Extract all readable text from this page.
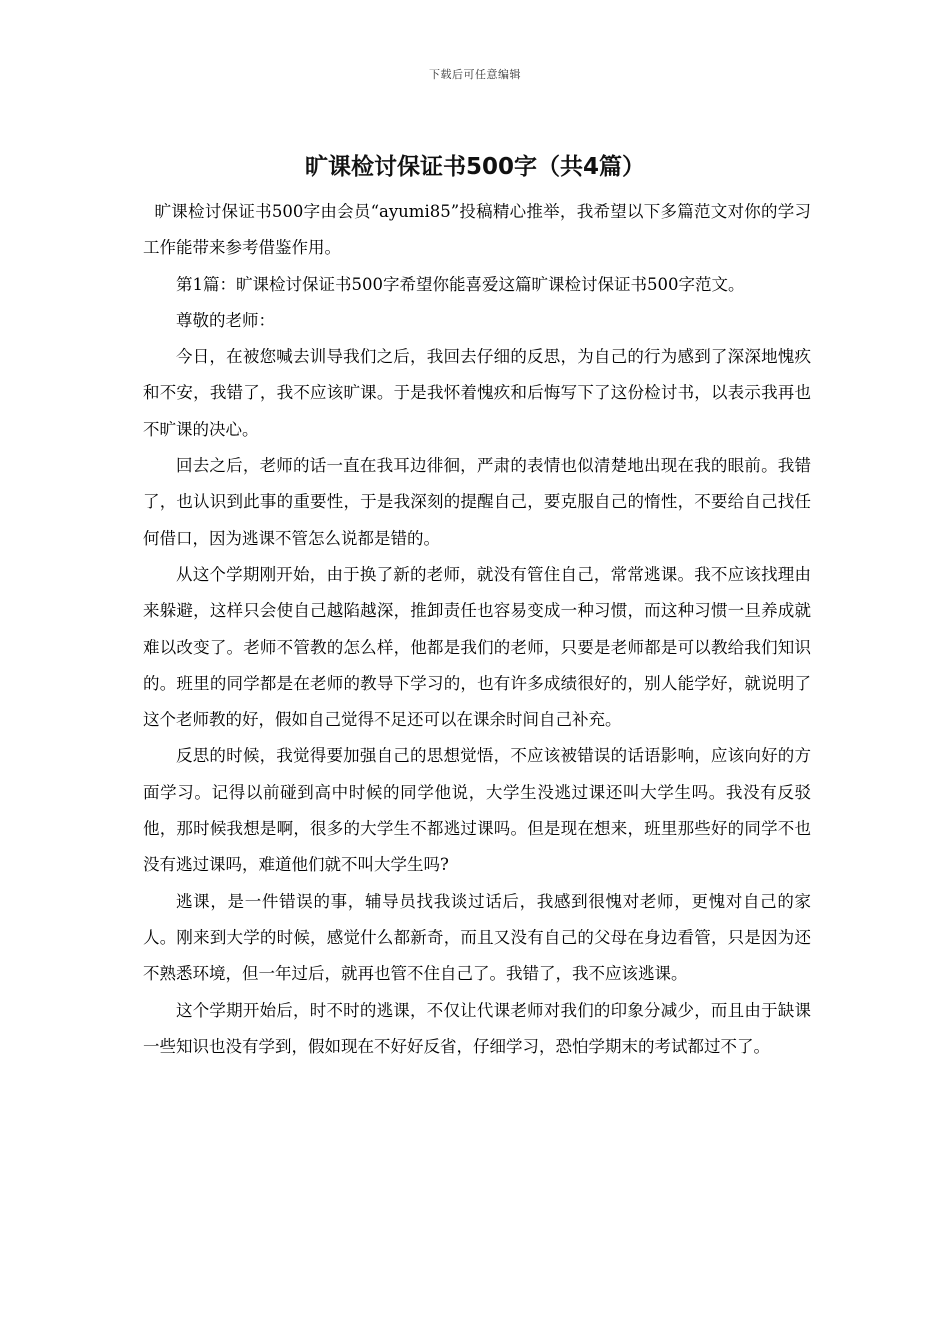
下载后可任意编辑
旷课检讨保证书500字（共4篇）

旷课检讨保证书500字由会员“ayumi85”投稿精心推举，我希望以下多篇范文对你的学习工作能带来参考借鉴作用。

第1篇：旷课检讨保证书500字希望你能喜爱这篇旷课检讨保证书500字范文。

尊敬的老师：

今日，在被您喊去训导我们之后，我回去仔细的反思，为自己的行为感到了深深地愧疚和不安，我错了，我不应该旷课。于是我怀着愧疚和后悔写下了这份检讨书，以表示我再也不旷课的决心。

回去之后，老师的话一直在我耳边徘徊，严肃的表情也似清楚地出现在我的眼前。我错了，也认识到此事的重要性，于是我深刻的提醒自己，要克服自己的惰性，不要给自己找任何借口，因为逃课不管怎么说都是错的。

从这个学期刚开始，由于换了新的老师，就没有管住自己，常常逃课。我不应该找理由来躲避，这样只会使自己越陷越深，推卸责任也容易变成一种习惯，而这种习惯一旦养成就难以改变了。老师不管教的怎么样，他都是我们的老师，只要是老师都是可以教给我们知识的。班里的同学都是在老师的教导下学习的，也有许多成绩很好的，别人能学好，就说明了这个老师教的好，假如自己觉得不足还可以在课余时间自己补充。

反思的时候，我觉得要加强自己的思想觉悟，不应该被错误的话语影响，应该向好的方面学习。记得以前碰到高中时候的同学他说，大学生没逃过课还叫大学生吗。我没有反驳他，那时候我想是啊，很多的大学生不都逃过课吗。但是现在想来，班里那些好的同学不也没有逃过课吗，难道他们就不叫大学生吗?

逃课，是一件错误的事，辅导员找我谈过话后，我感到很愧对老师，更愧对自己的家人。刚来到大学的时候，感觉什么都新奇，而且又没有自己的父母在身边看管，只是因为还不熟悉环境，但一年过后，就再也管不住自己了。我错了，我不应该逃课。

这个学期开始后，时不时的逃课，不仅让代课老师对我们的印象分减少，而且由于缺课一些知识也没有学到，假如现在不好好反省，仔细学习，恐怕学期末的考试都过不了。
